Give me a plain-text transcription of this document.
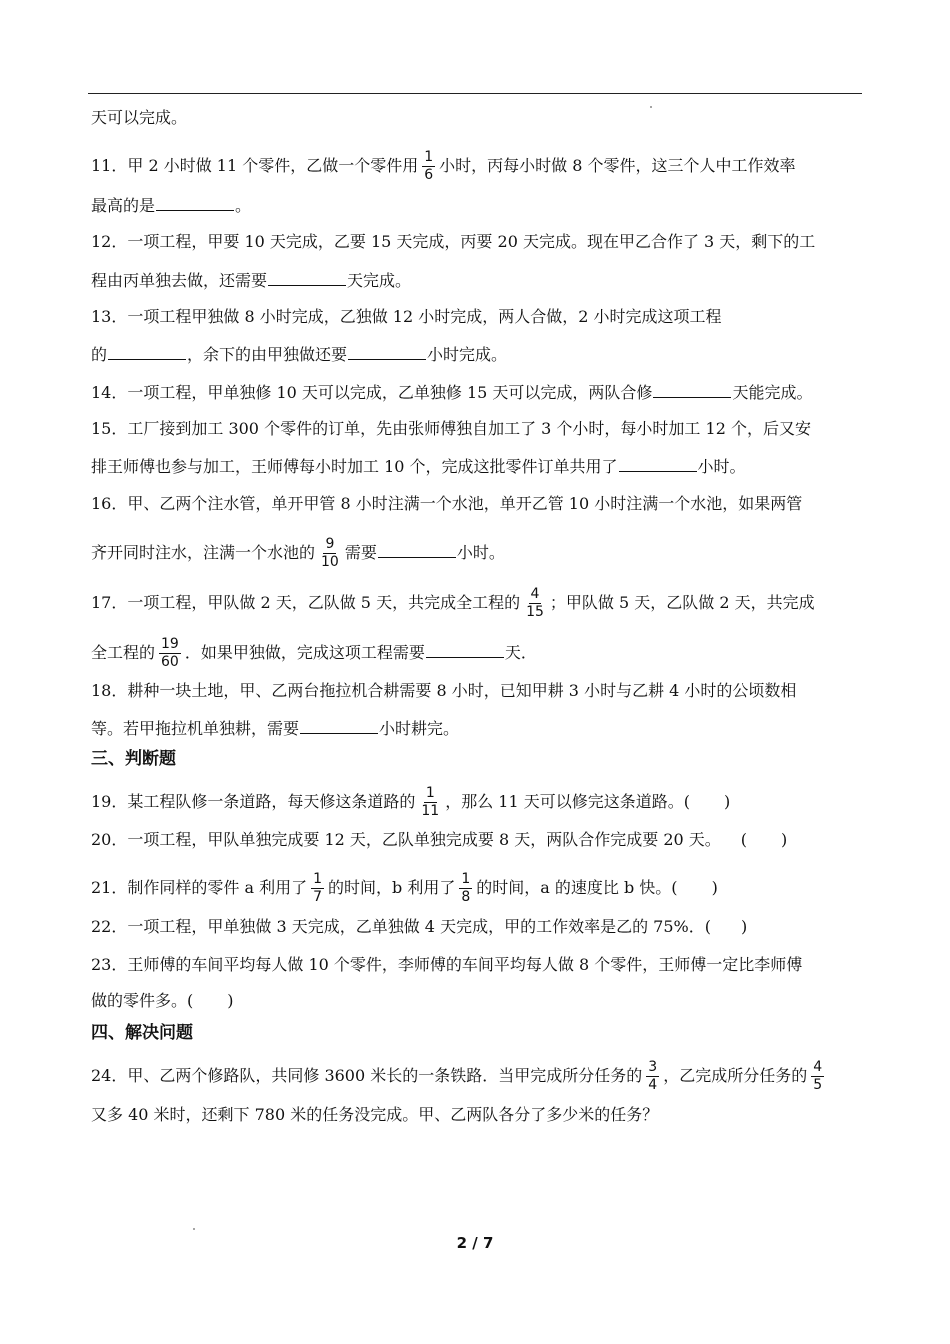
天可以完成。
11．甲 2 小时做 11 个零件，乙做一个零件用 $\frac{1}{6}$ 小时，丙每小时做 8 个零件，这三个人中工作效率
最高的是	。
12．一项工程，甲要 10 天完成，乙要 15 天完成，丙要 20 天完成。现在甲乙合作了 3 天，剩下的工
程由丙单独去做，还需要	天完成。
13．一项工程甲独做 8 小时完成，乙独做 12 小时完成，两人合做，2 小时完成这项工程
的	，余下的由甲独做还要	小时完成。
14．一项工程，甲单独修 10 天可以完成，乙单独修 15 天可以完成，两队合修	天能完成。
15．工厂接到加工 300 个零件的订单，先由张师傅独自加工了 3 个小时，每小时加工 12 个，后又安
排王师傅也参与加工，王师傅每小时加工 10 个，完成这批零件订单共用了	小时。
16．甲、乙两个注水管，单开甲管 8 小时注满一个水池，单开乙管 10 小时注满一个水池，如果两管
齐开同时注水，注满一个水池的 $\frac{9}{10}$ 需要	小时。
17．一项工程，甲队做 2 天，乙队做 5 天，共完成全工程的 $\frac{4}{15}$ ；甲队做 5 天，乙队做 2 天，共完成
全工程的 $\frac{19}{60}$ ．如果甲独做，完成这项工程需要	天．
18．耕种一块土地，甲、乙两台拖拉机合耕需要 8 小时，已知甲耕 3 小时与乙耕 4 小时的公顷数相
等。若甲拖拉机单独耕，需要	小时耕完。
三、判断题
19．某工程队修一条道路，每天修这条道路的 $\frac{1}{11}$ ，那么 11 天可以修完这条道路。( )
20．一项工程，甲队单独完成要 12 天，乙队单独完成要 8 天，两队合作完成要 20 天。 ( )
21．制作同样的零件 a 利用了 $\frac{1}{7}$ 的时间，b 利用了 $\frac{1}{8}$ 的时间，a 的速度比 b 快。( )
22．一项工程，甲单独做 3 天完成，乙单独做 4 天完成，甲的工作效率是乙的 75%．( )
23．王师傅的车间平均每人做 10 个零件，李师傅的车间平均每人做 8 个零件，王师傅一定比李师傅
做的零件多。( )
四、解决问题
24．甲、乙两个修路队，共同修 3600 米长的一条铁路．当甲完成所分任务的 $\frac{3}{4}$ ，乙完成所分任务的 $\frac{4}{5}$
又多 40 米时，还剩下 780 米的任务没完成。甲、乙两队各分了多少米的任务？
2 / 7
